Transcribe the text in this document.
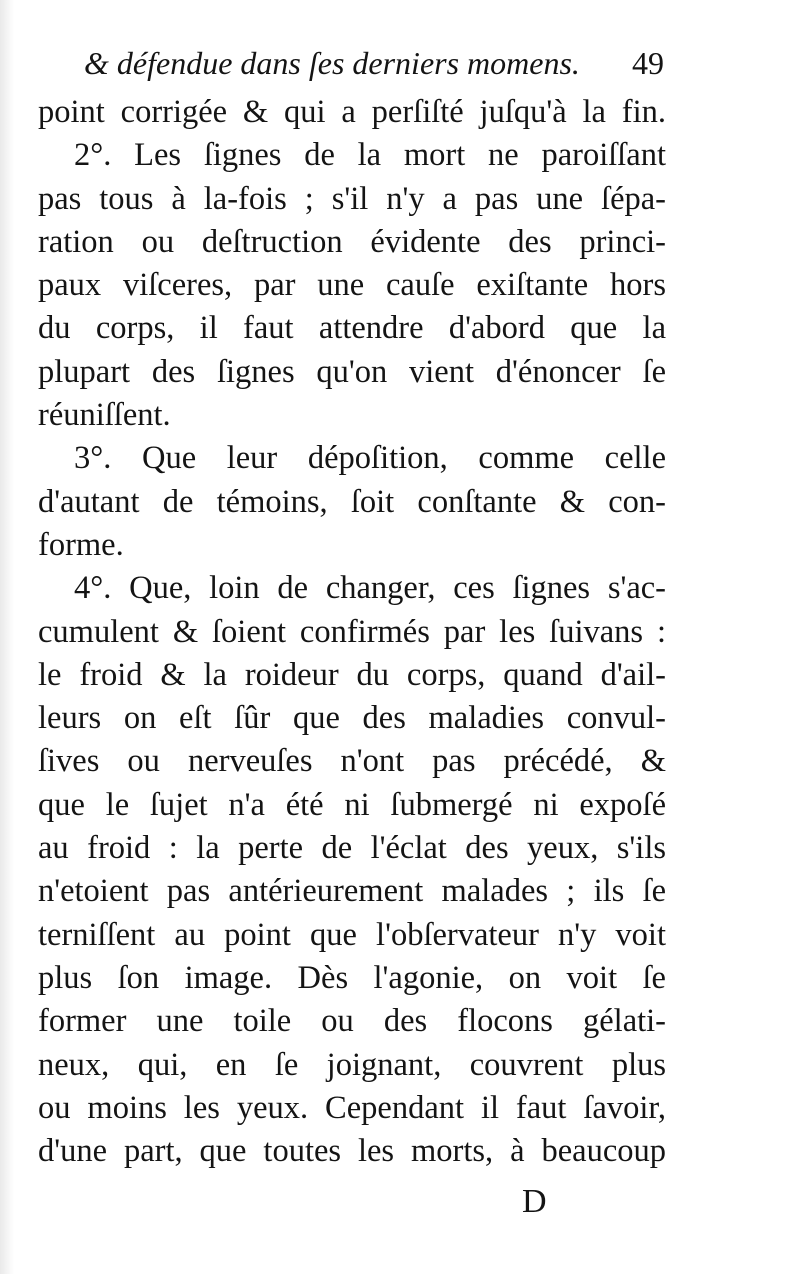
& défendue dans ſes derniers momens. 49
point corrigée & qui a perſiſté juſqu'à la fin.
2°. Les ſignes de la mort ne paroiſſant
pas tous à la-fois ; s'il n'y a pas une ſépa-
ration ou deſtruction évidente des princi-
paux viſceres, par une cauſe exiſtante hors
du corps, il faut attendre d'abord que la
plupart des ſignes qu'on vient d'énoncer ſe
réuniſſent.
3°. Que leur dépoſition, comme celle
d'autant de témoins, ſoit conſtante & con-
forme.
4°. Que, loin de changer, ces ſignes s'ac-
cumulent & ſoient confirmés par les ſuivans :
le froid & la roideur du corps, quand d'ail-
leurs on eſt ſûr que des maladies convul-
ſives ou nerveuſes n'ont pas précédé, &
que le ſujet n'a été ni ſubmergé ni expoſé
au froid : la perte de l'éclat des yeux, s'ils
n'etoient pas antérieurement malades ; ils ſe
terniſſent au point que l'obſervateur n'y voit
plus ſon image. Dès l'agonie, on voit ſe
former une toile ou des flocons gélati-
neux, qui, en ſe joignant, couvrent plus
ou moins les yeux. Cependant il faut ſavoir,
d'une part, que toutes les morts, à beaucoup
D
